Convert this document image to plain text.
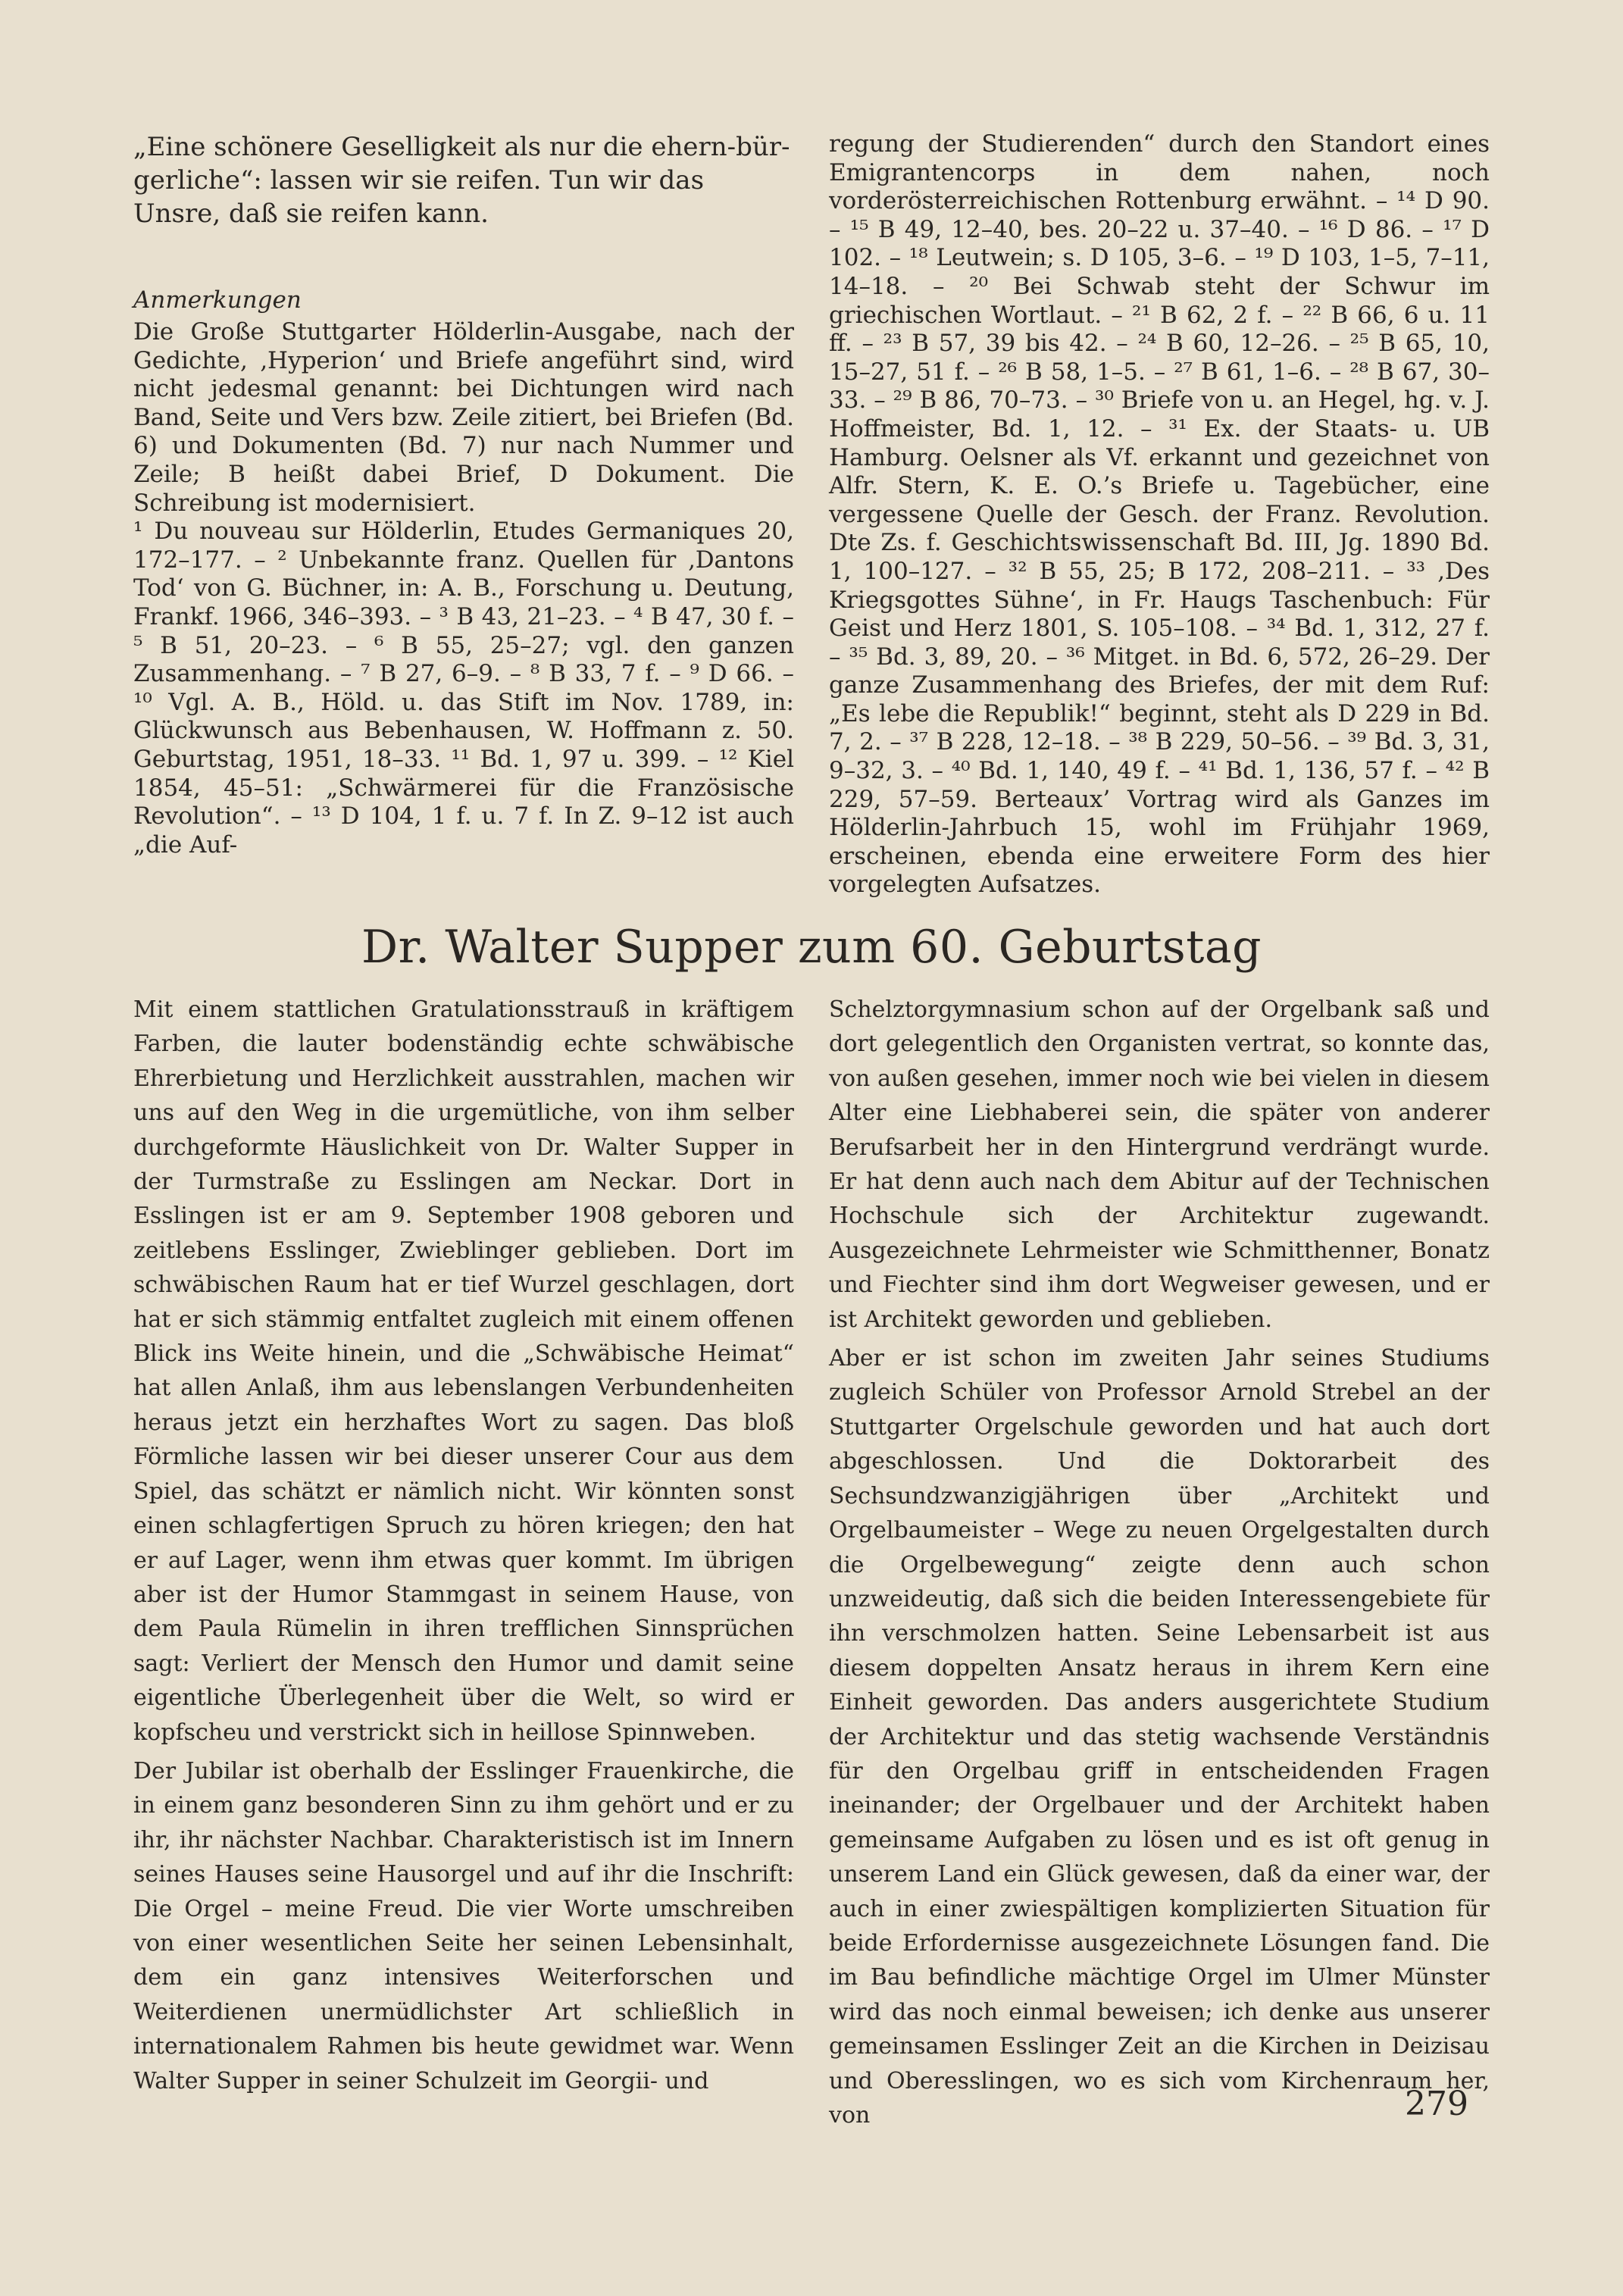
„Eine schönere Geselligkeit als nur die ehern-bürgerliche“: lassen wir sie reifen. Tun wir das Unsre, daß sie reifen kann.

Anmerkungen

Die Große Stuttgarter Hölderlin-Ausgabe, nach der Gedichte, ‚Hyperion‘ und Briefe angeführt sind, wird nicht jedesmal genannt: bei Dichtungen wird nach Band, Seite und Vers bzw. Zeile zitiert, bei Briefen (Bd. 6) und Dokumenten (Bd. 7) nur nach Nummer und Zeile; B heißt dabei Brief, D Dokument. Die Schreibung ist modernisiert.

¹ Du nouveau sur Hölderlin, Etudes Germaniques 20, 172–177. – ² Unbekannte franz. Quellen für ‚Dantons Tod‘ von G. Büchner, in: A. B., Forschung u. Deutung, Frankf. 1966, 346–393. – ³ B 43, 21–23. – ⁴ B 47, 30 f. – ⁵ B 51, 20–23. – ⁶ B 55, 25–27; vgl. den ganzen Zusammenhang. – ⁷ B 27, 6–9. – ⁸ B 33, 7 f. – ⁹ D 66. – ¹⁰ Vgl. A. B., Höld. u. das Stift im Nov. 1789, in: Glückwunsch aus Bebenhausen, W. Hoffmann z. 50. Geburtstag, 1951, 18–33. ¹¹ Bd. 1, 97 u. 399. – ¹² Kiel 1854, 45–51: „Schwärmerei für die Französische Revolution“. – ¹³ D 104, 1 f. u. 7 f. In Z. 9–12 ist auch „die Auf-

regung der Studierenden“ durch den Standort eines Emigrantencorps in dem nahen, noch vorderösterreichischen Rottenburg erwähnt. – ¹⁴ D 90. – ¹⁵ B 49, 12–40, bes. 20–22 u. 37–40. – ¹⁶ D 86. – ¹⁷ D 102. – ¹⁸ Leutwein; s. D 105, 3–6. – ¹⁹ D 103, 1–5, 7–11, 14–18. – ²⁰ Bei Schwab steht der Schwur im griechischen Wortlaut. – ²¹ B 62, 2 f. – ²² B 66, 6 u. 11 ff. – ²³ B 57, 39 bis 42. – ²⁴ B 60, 12–26. – ²⁵ B 65, 10, 15–27, 51 f. – ²⁶ B 58, 1–5. – ²⁷ B 61, 1–6. – ²⁸ B 67, 30–33. – ²⁹ B 86, 70–73. – ³⁰ Briefe von u. an Hegel, hg. v. J. Hoffmeister, Bd. 1, 12. – ³¹ Ex. der Staats- u. UB Hamburg. Oelsner als Vf. erkannt und gezeichnet von Alfr. Stern, K. E. O.’s Briefe u. Tagebücher, eine vergessene Quelle der Gesch. der Franz. Revolution. Dte Zs. f. Geschichtswissenschaft Bd. III, Jg. 1890 Bd. 1, 100–127. – ³² B 55, 25; B 172, 208–211. – ³³ ‚Des Kriegsgottes Sühne‘, in Fr. Haugs Taschenbuch: Für Geist und Herz 1801, S. 105–108. – ³⁴ Bd. 1, 312, 27 f. – ³⁵ Bd. 3, 89, 20. – ³⁶ Mitget. in Bd. 6, 572, 26–29. Der ganze Zusammenhang des Briefes, der mit dem Ruf: „Es lebe die Republik!“ beginnt, steht als D 229 in Bd. 7, 2. – ³⁷ B 228, 12–18. – ³⁸ B 229, 50–56. – ³⁹ Bd. 3, 31, 9–32, 3. – ⁴⁰ Bd. 1, 140, 49 f. – ⁴¹ Bd. 1, 136, 57 f. – ⁴² B 229, 57–59. Berteaux’ Vortrag wird als Ganzes im Hölderlin-Jahrbuch 15, wohl im Frühjahr 1969, erscheinen, ebenda eine erweitere Form des hier vorgelegten Aufsatzes.

Dr. Walter Supper zum 60. Geburtstag

Mit einem stattlichen Gratulationsstrauß in kräftigem Farben, die lauter bodenständig echte schwäbische Ehrerbietung und Herzlichkeit ausstrahlen, machen wir uns auf den Weg in die urgemütliche, von ihm selber durchgeformte Häuslichkeit von Dr. Walter Supper in der Turmstraße zu Esslingen am Neckar. Dort in Esslingen ist er am 9. September 1908 geboren und zeitlebens Esslinger, Zwieblinger geblieben. Dort im schwäbischen Raum hat er tief Wurzel geschlagen, dort hat er sich stämmig entfaltet zugleich mit einem offenen Blick ins Weite hinein, und die „Schwäbische Heimat“ hat allen Anlaß, ihm aus lebenslangen Verbundenheiten heraus jetzt ein herzhaftes Wort zu sagen. Das bloß Förmliche lassen wir bei dieser unserer Cour aus dem Spiel, das schätzt er nämlich nicht. Wir könnten sonst einen schlagfertigen Spruch zu hören kriegen; den hat er auf Lager, wenn ihm etwas quer kommt. Im übrigen aber ist der Humor Stammgast in seinem Hause, von dem Paula Rümelin in ihren trefflichen Sinnsprüchen sagt: Verliert der Mensch den Humor und damit seine eigentliche Überlegenheit über die Welt, so wird er kopfscheu und verstrickt sich in heillose Spinnweben.

Der Jubilar ist oberhalb der Esslinger Frauenkirche, die in einem ganz besonderen Sinn zu ihm gehört und er zu ihr, ihr nächster Nachbar. Charakteristisch ist im Innern seines Hauses seine Hausorgel und auf ihr die Inschrift: Die Orgel – meine Freud. Die vier Worte umschreiben von einer wesentlichen Seite her seinen Lebensinhalt, dem ein ganz intensives Weiterforschen und Weiterdienen unermüdlichster Art schließlich in internationalem Rahmen bis heute gewidmet war. Wenn Walter Supper in seiner Schulzeit im Georgii- und

Schelztorgymnasium schon auf der Orgelbank saß und dort gelegentlich den Organisten vertrat, so konnte das, von außen gesehen, immer noch wie bei vielen in diesem Alter eine Liebhaberei sein, die später von anderer Berufsarbeit her in den Hintergrund verdrängt wurde. Er hat denn auch nach dem Abitur auf der Technischen Hochschule sich der Architektur zugewandt. Ausgezeichnete Lehrmeister wie Schmitthenner, Bonatz und Fiechter sind ihm dort Wegweiser gewesen, und er ist Architekt geworden und geblieben.

Aber er ist schon im zweiten Jahr seines Studiums zugleich Schüler von Professor Arnold Strebel an der Stuttgarter Orgelschule geworden und hat auch dort abgeschlossen. Und die Doktorarbeit des Sechsundzwanzigjährigen über „Architekt und Orgelbaumeister – Wege zu neuen Orgelgestalten durch die Orgelbewegung“ zeigte denn auch schon unzweideutig, daß sich die beiden Interessengebiete für ihn verschmolzen hatten. Seine Lebensarbeit ist aus diesem doppelten Ansatz heraus in ihrem Kern eine Einheit geworden. Das anders ausgerichtete Studium der Architektur und das stetig wachsende Verständnis für den Orgelbau griff in entscheidenden Fragen ineinander; der Orgelbauer und der Architekt haben gemeinsame Aufgaben zu lösen und es ist oft genug in unserem Land ein Glück gewesen, daß da einer war, der auch in einer zwiespältigen komplizierten Situation für beide Erfordernisse ausgezeichnete Lösungen fand. Die im Bau befindliche mächtige Orgel im Ulmer Münster wird das noch einmal beweisen; ich denke aus unserer gemeinsamen Esslinger Zeit an die Kirchen in Deizisau und Oberesslingen, wo es sich vom Kirchenraum her, von	279
